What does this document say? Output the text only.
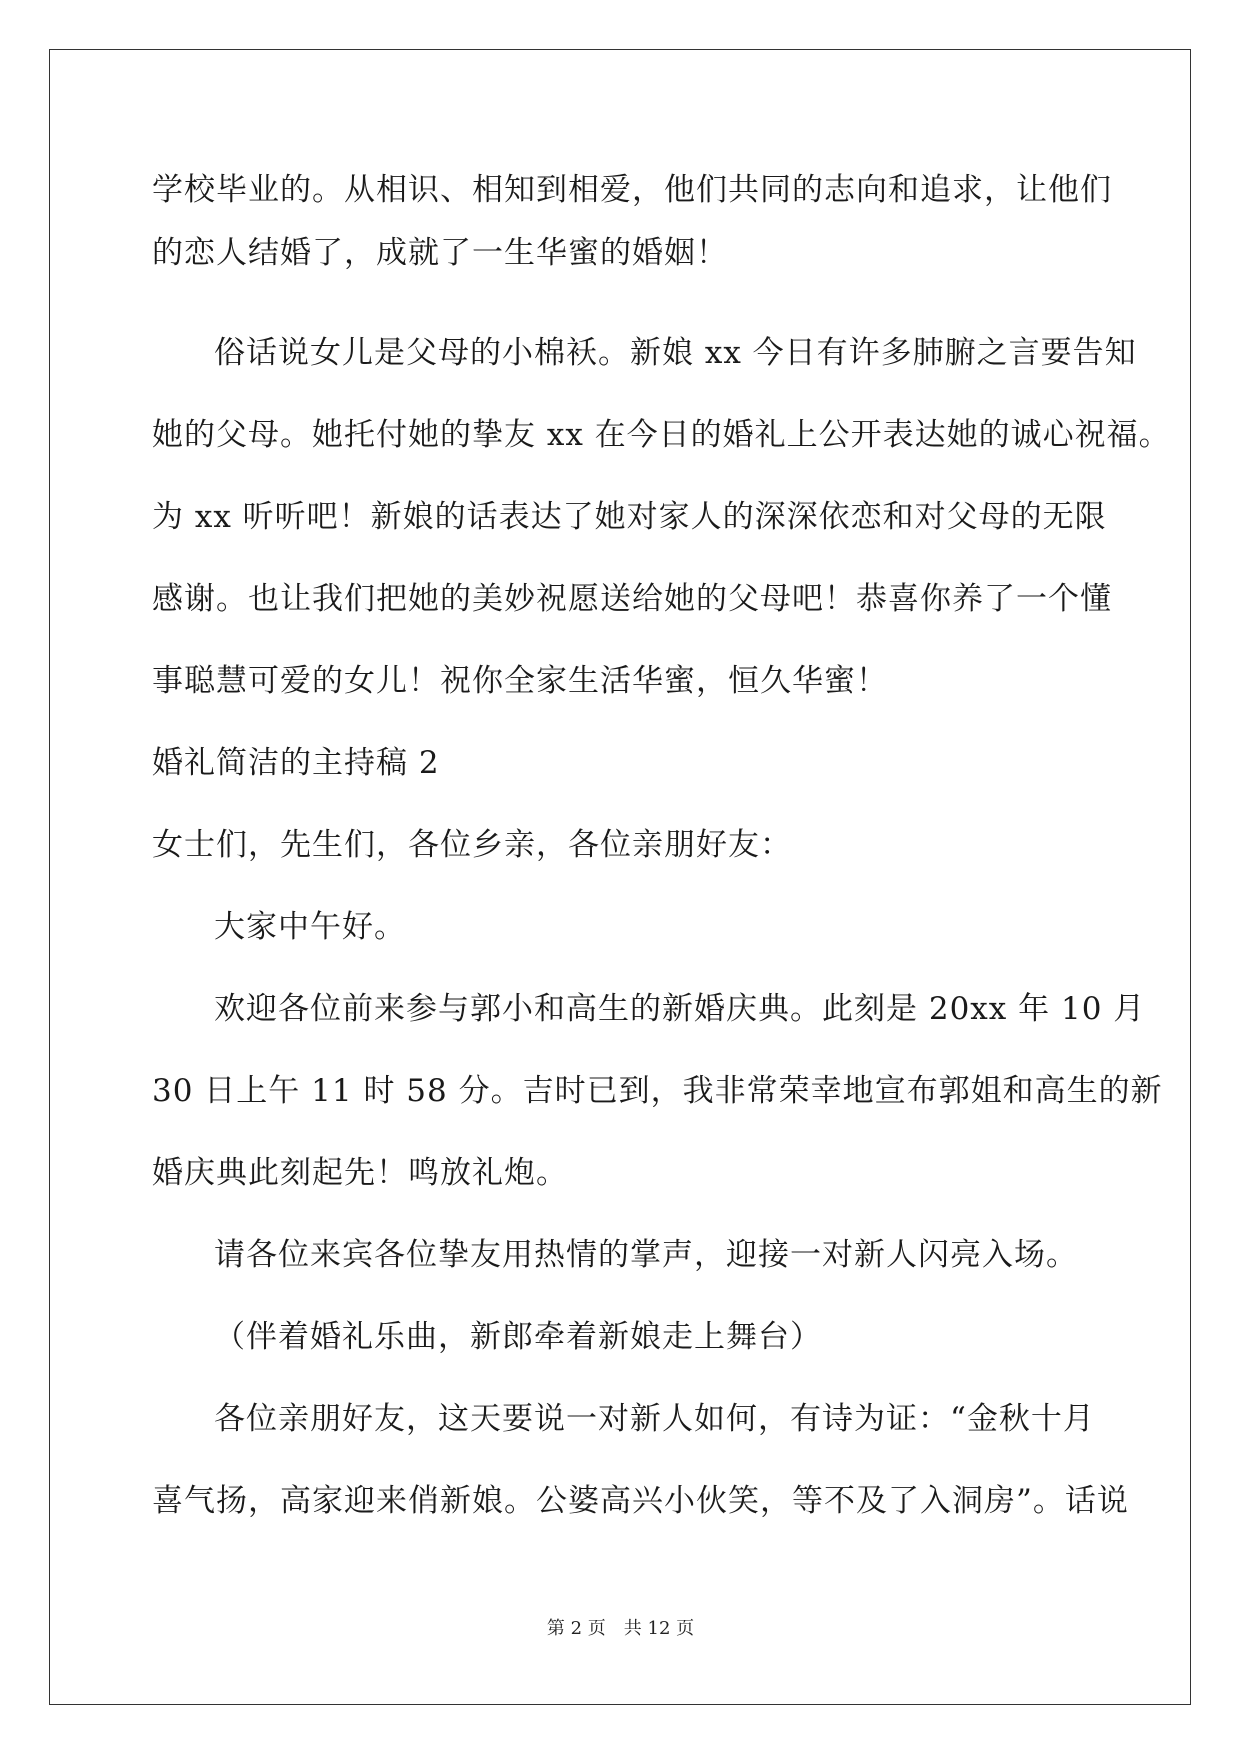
学校毕业的。从相识、相知到相爱，他们共同的志向和追求，让他们
的恋人结婚了，成就了一生华蜜的婚姻！
俗话说女儿是父母的小棉袄。新娘 xx 今日有许多肺腑之言要告知
她的父母。她托付她的挚友 xx 在今日的婚礼上公开表达她的诚心祝福。
为 xx 听听吧！新娘的话表达了她对家人的深深依恋和对父母的无限
感谢。也让我们把她的美妙祝愿送给她的父母吧！恭喜你养了一个懂
事聪慧可爱的女儿！祝你全家生活华蜜，恒久华蜜！
婚礼简洁的主持稿 2
女士们，先生们，各位乡亲，各位亲朋好友：
大家中午好。
欢迎各位前来参与郭小和高生的新婚庆典。此刻是 20xx 年 10 月
30 日上午 11 时 58 分。吉时已到，我非常荣幸地宣布郭姐和高生的新
婚庆典此刻起先！鸣放礼炮。
请各位来宾各位挚友用热情的掌声，迎接一对新人闪亮入场。
（伴着婚礼乐曲，新郎牵着新娘走上舞台）
各位亲朋好友，这天要说一对新人如何，有诗为证：“金秋十月
喜气扬，高家迎来俏新娘。公婆高兴小伙笑，等不及了入洞房”。话说
第 2 页　共 12 页
